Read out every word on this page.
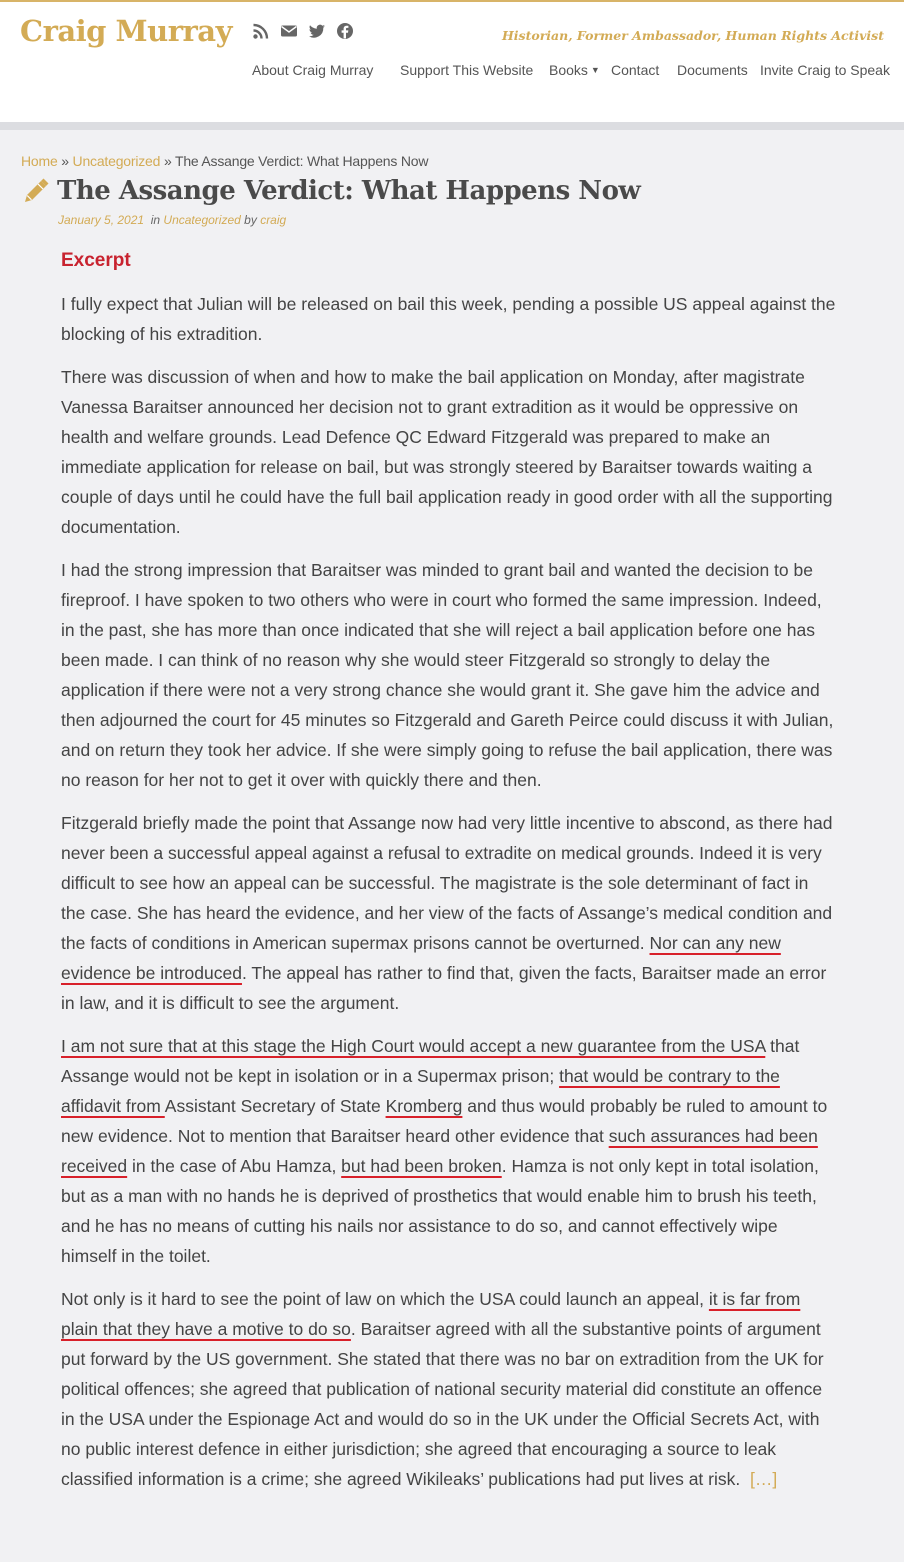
Craig Murray	Historian, Former Ambassador, Human Rights Activist
About Craig Murray Support This Website Books ▼ Contact Documents Invite Craig to Speak
Home » Uncategorized » The Assange Verdict: What Happens Now
The Assange Verdict: What Happens Now
January 5, 2021 in Uncategorized by craig
Excerpt

I fully expect that Julian will be released on bail this week, pending a possible US appeal against the blocking of his extradition.

There was discussion of when and how to make the bail application on Monday, after magistrate Vanessa Baraitser announced her decision not to grant extradition as it would be oppressive on health and welfare grounds. Lead Defence QC Edward Fitzgerald was prepared to make an immediate application for release on bail, but was strongly steered by Baraitser towards waiting a couple of days until he could have the full bail application ready in good order with all the supporting documentation.

I had the strong impression that Baraitser was minded to grant bail and wanted the decision to be fireproof. I have spoken to two others who were in court who formed the same impression. Indeed, in the past, she has more than once indicated that she will reject a bail application before one has been made. I can think of no reason why she would steer Fitzgerald so strongly to delay the application if there were not a very strong chance she would grant it. She gave him the advice and then adjourned the court for 45 minutes so Fitzgerald and Gareth Peirce could discuss it with Julian, and on return they took her advice. If she were simply going to refuse the bail application, there was no reason for her not to get it over with quickly there and then.

Fitzgerald briefly made the point that Assange now had very little incentive to abscond, as there had never been a successful appeal against a refusal to extradite on medical grounds. Indeed it is very difficult to see how an appeal can be successful. The magistrate is the sole determinant of fact in the case. She has heard the evidence, and her view of the facts of Assange’s medical condition and the facts of conditions in American supermax prisons cannot be overturned. Nor can any new evidence be introduced. The appeal has rather to find that, given the facts, Baraitser made an error in law, and it is difficult to see the argument.

I am not sure that at this stage the High Court would accept a new guarantee from the USA that Assange would not be kept in isolation or in a Supermax prison; that would be contrary to the affidavit from Assistant Secretary of State Kromberg and thus would probably be ruled to amount to new evidence. Not to mention that Baraitser heard other evidence that such assurances had been received in the case of Abu Hamza, but had been broken. Hamza is not only kept in total isolation, but as a man with no hands he is deprived of prosthetics that would enable him to brush his teeth, and he has no means of cutting his nails nor assistance to do so, and cannot effectively wipe himself in the toilet.

Not only is it hard to see the point of law on which the USA could launch an appeal, it is far from plain that they have a motive to do so. Baraitser agreed with all the substantive points of argument put forward by the US government. She stated that there was no bar on extradition from the UK for political offences; she agreed that publication of national security material did constitute an offence in the USA under the Espionage Act and would do so in the UK under the Official Secrets Act, with no public interest defence in either jurisdiction; she agreed that encouraging a source to leak classified information is a crime; she agreed Wikileaks’ publications had put lives at risk. […]
